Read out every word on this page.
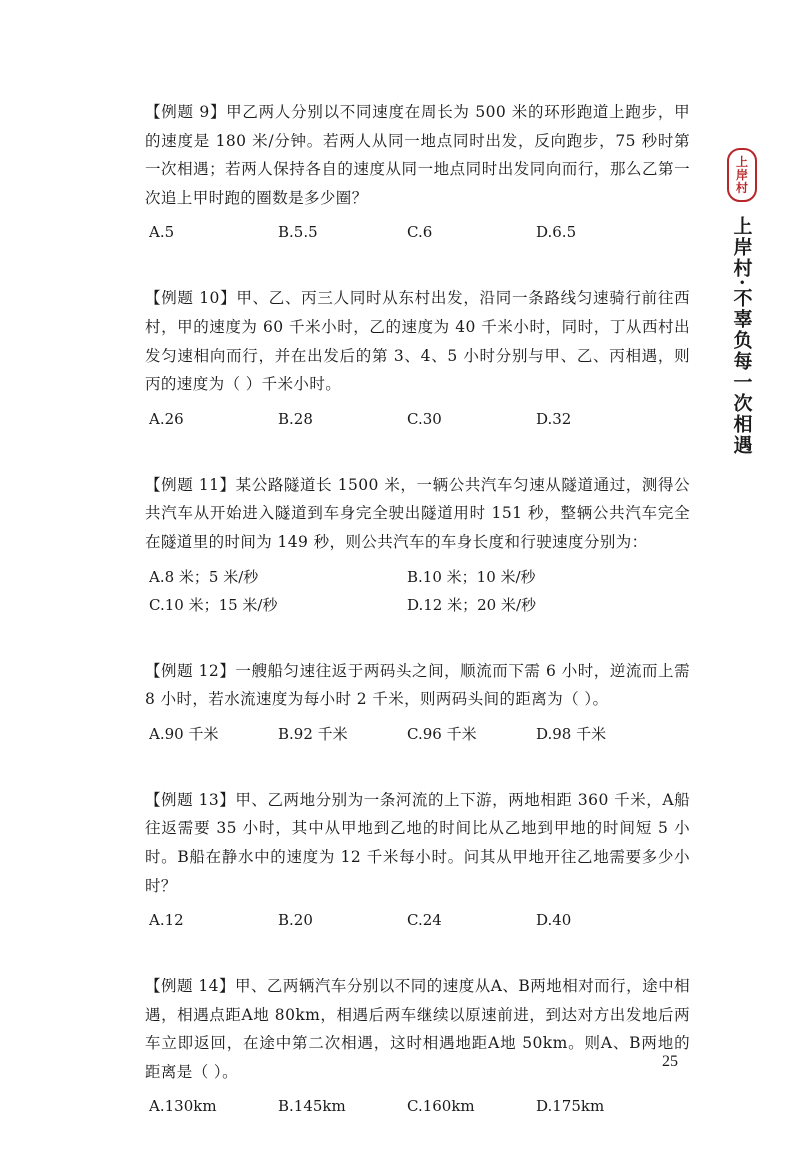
【例题 9】甲乙两人分别以不同速度在周长为 500 米的环形跑道上跑步，甲的速度是 180 米/分钟。若两人从同一地点同时出发，反向跑步，75 秒时第一次相遇；若两人保持各自的速度从同一地点同时出发同向而行，那么乙第一次追上甲时跑的圈数是多少圈？

A.5	B.5.5	C.6	D.6.5

【例题 10】甲、乙、丙三人同时从东村出发，沿同一条路线匀速骑行前往西村，甲的速度为 60 千米小时，乙的速度为 40 千米小时，同时，丁从西村出发匀速相向而行，并在出发后的第 3、4、5 小时分别与甲、乙、丙相遇，则丙的速度为（ ）千米小时。

A.26	B.28	C.30	D.32

【例题 11】某公路隧道长 1500 米，一辆公共汽车匀速从隧道通过，测得公共汽车从开始进入隧道到车身完全驶出隧道用时 151 秒，整辆公共汽车完全在隧道里的时间为 149 秒，则公共汽车的车身长度和行驶速度分别为：

A.8 米；5 米/秒	B.10 米；10 米/秒
C.10 米；15 米/秒	D.12 米；20 米/秒

【例题 12】一艘船匀速往返于两码头之间，顺流而下需 6 小时，逆流而上需 8 小时，若水流速度为每小时 2 千米，则两码头间的距离为（ ）。

A.90 千米	B.92 千米	C.96 千米	D.98 千米

【例题 13】甲、乙两地分别为一条河流的上下游，两地相距 360 千米，A船往返需要 35 小时，其中从甲地到乙地的时间比从乙地到甲地的时间短 5 小时。B船在静水中的速度为 12 千米每小时。问其从甲地开往乙地需要多少小时？

A.12	B.20	C.24	D.40

【例题 14】甲、乙两辆汽车分别以不同的速度从A、B两地相对而行，途中相遇，相遇点距A地 80km，相遇后两车继续以原速前进，到达对方出发地后两车立即返回，在途中第二次相遇，这时相遇地距A地 50km。则A、B两地的距离是（ ）。

A.130km	B.145km	C.160km	D.175km
上
岸
村
上岸村·不辜负每一次相遇
25
